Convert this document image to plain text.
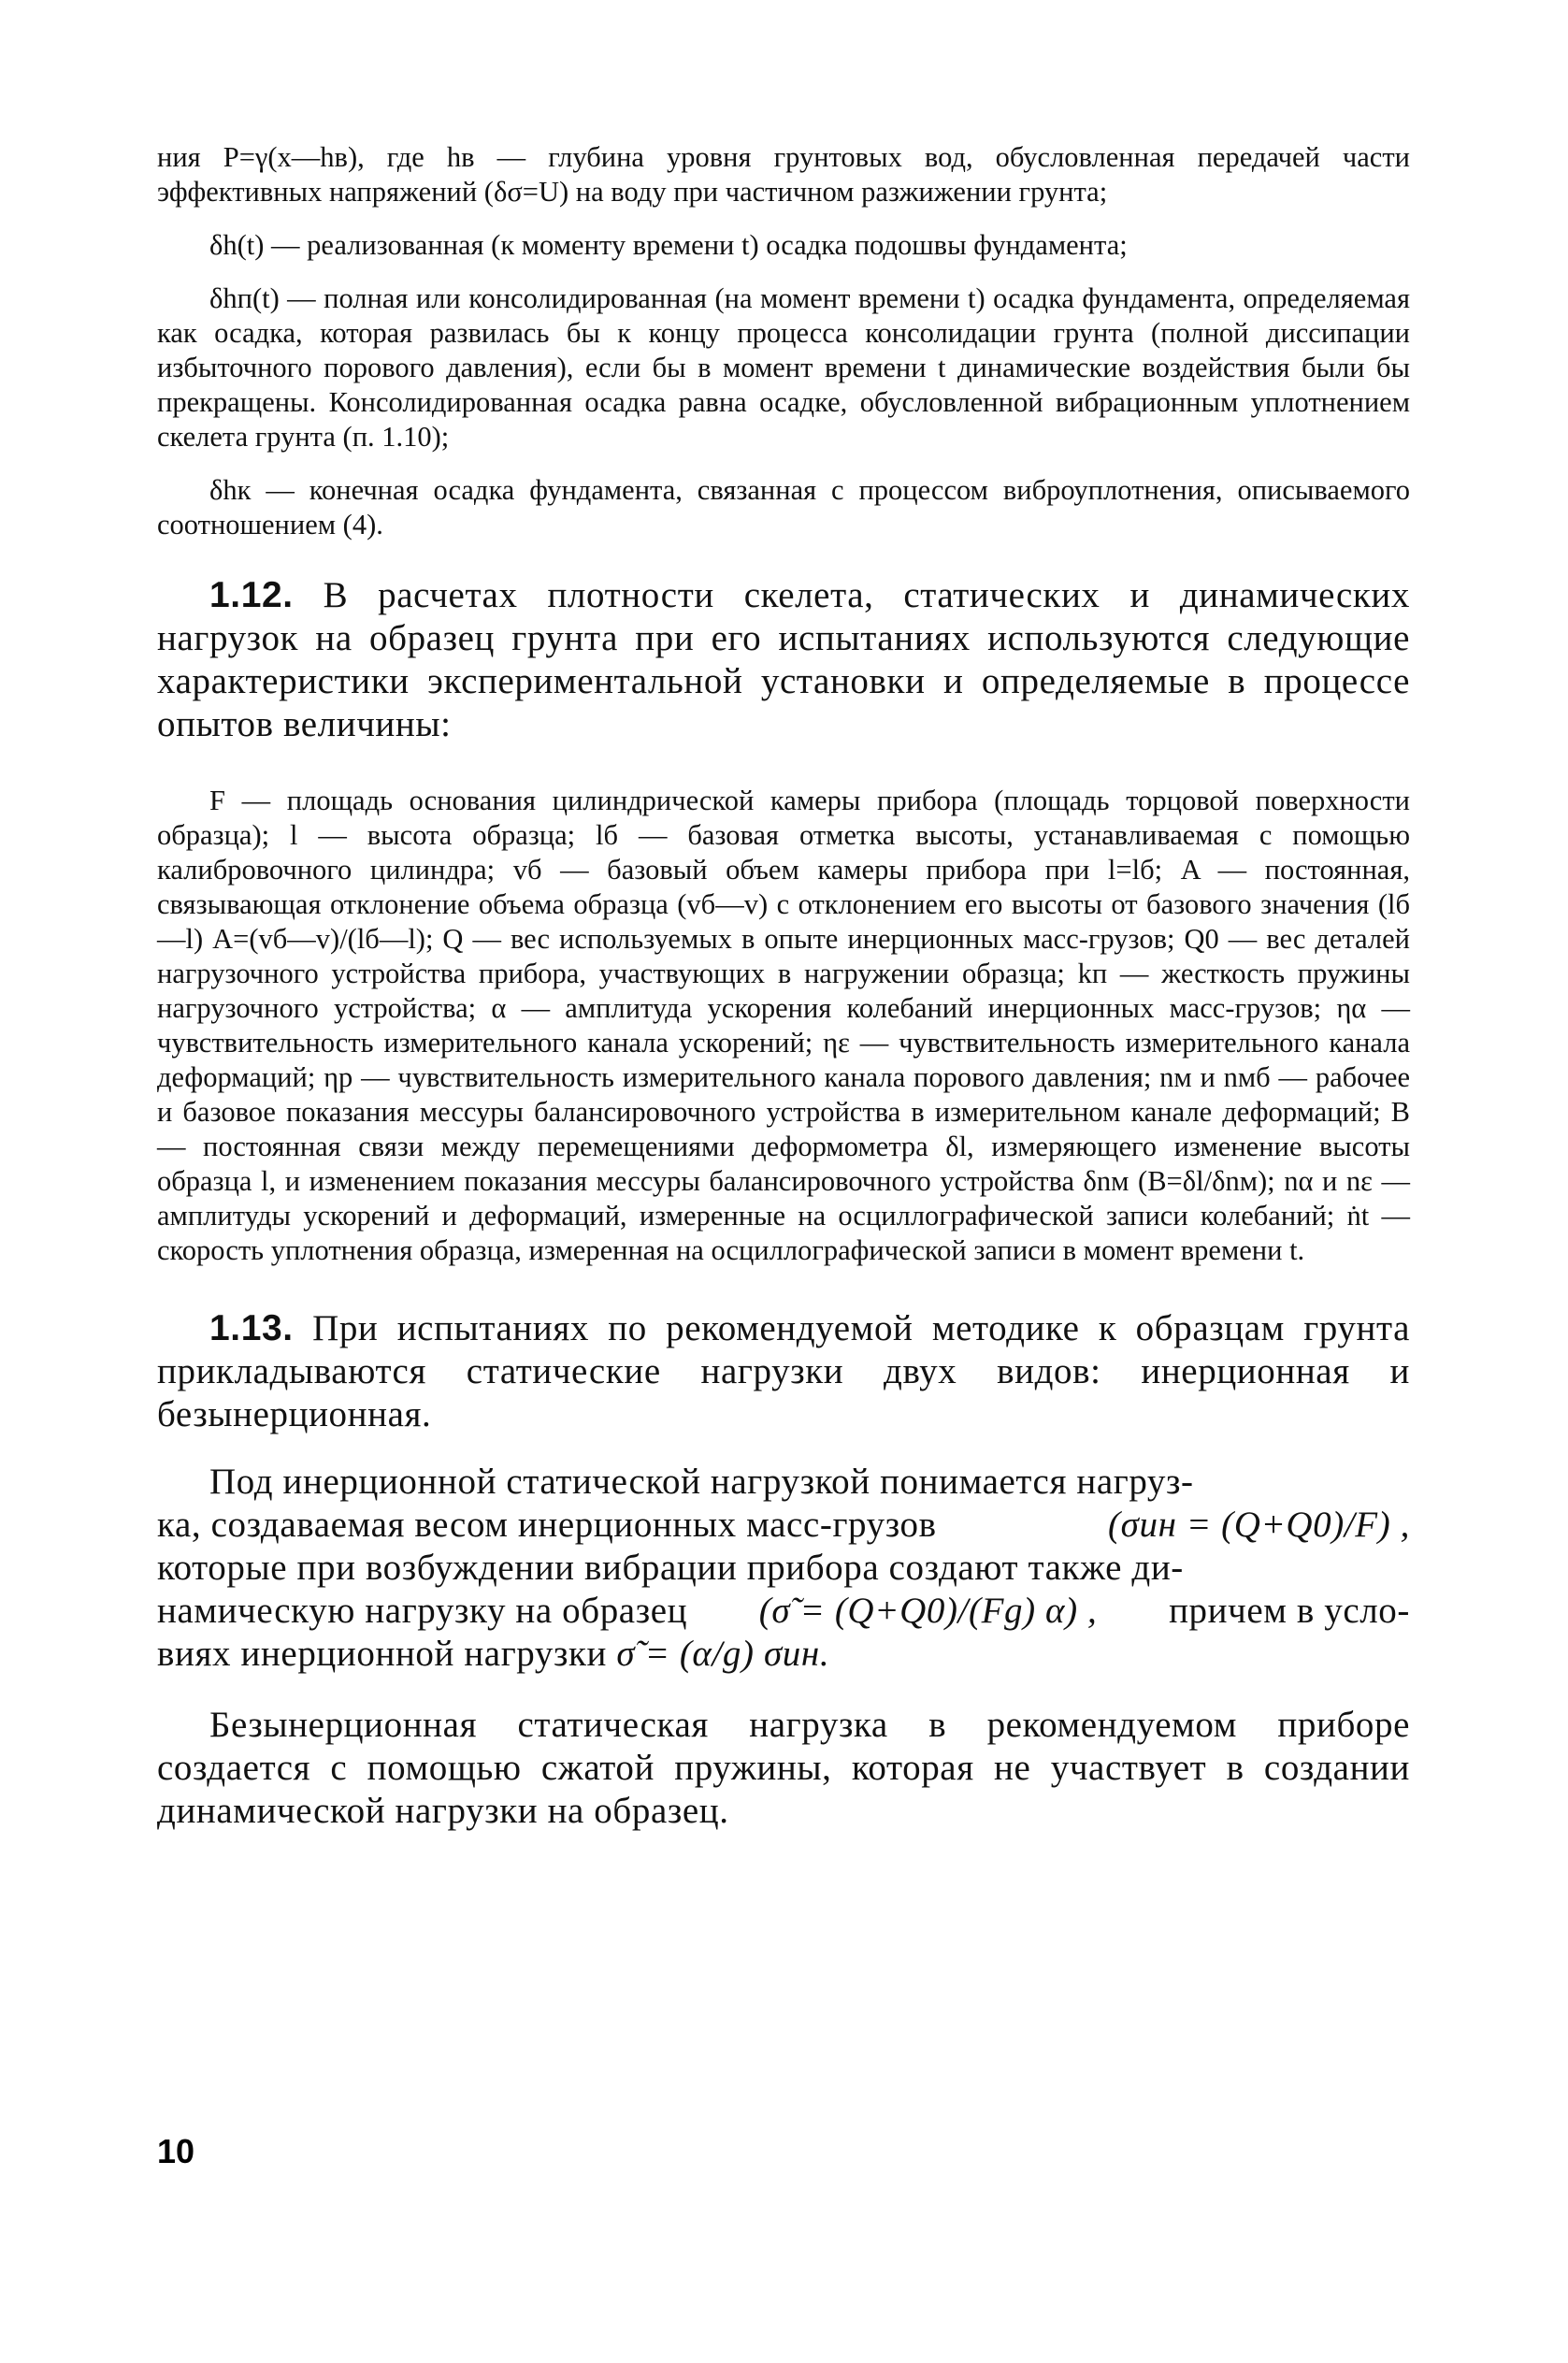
ния P=γ(x—hв), где hв — глубина уровня грунтовых вод, обусловленная передачей части эффективных напряжений (δσ=U) на воду при частичном разжижении грунта;

δh(t) — реализованная (к моменту времени t) осадка подошвы фундамента;

δhп(t) — полная или консолидированная (на момент времени t) осадка фундамента, определяемая как осадка, которая развилась бы к концу процесса консолидации грунта (полной диссипации избыточного порового давления), если бы в момент времени t динамические воздействия были бы прекращены. Консолидированная осадка равна осадке, обусловленной вибрационным уплотнением скелета грунта (п. 1.10);

δhк — конечная осадка фундамента, связанная с процессом виброуплотнения, описываемого соотношением (4).

1.12. В расчетах плотности скелета, статических и динамических нагрузок на образец грунта при его испытаниях используются следующие характеристики экспериментальной установки и определяемые в процессе опытов величины:

F — площадь основания цилиндрической камеры прибора (площадь торцовой поверхности образца); l — высота образца; lб — базовая отметка высоты, устанавливаемая с помощью калибровочного цилиндра; vб — базовый объем камеры прибора при l=lб; A — постоянная, связывающая отклонение объема образца (vб—v) с отклонением его высоты от базового значения (lб—l) A=(vб—v)/(lб—l); Q — вес используемых в опыте инерционных масс-грузов; Q0 — вес деталей нагрузочного устройства прибора, участвующих в нагружении образца; kп — жесткость пружины нагрузочного устройства; α — амплитуда ускорения колебаний инерционных масс-грузов; ηα — чувствительность измерительного канала ускорений; ηε — чувствительность измерительного канала деформаций; ηp — чувствительность измерительного канала порового давления; nм и nмб — рабочее и базовое показания мессуры балансировочного устройства в измерительном канале деформаций; B — постоянная связи между перемещениями деформометра δl, измеряющего изменение высоты образца l, и изменением показания мессуры балансировочного устройства δnм (B=δl/δnм); nα и nε — амплитуды ускорений и деформаций, измеренные на осциллографической записи колебаний; ṅt — скорость уплотнения образца, измеренная на осциллографической записи в момент времени t.

1.13. При испытаниях по рекомендуемой методике к образцам грунта прикладываются статические нагрузки двух видов: инерционная и безынерционная.

Под инерционной статической нагрузкой понимается нагруз-
ка, создаваемая весом инерционных масс-грузов	(σин = (Q+Q0)/F) ,
которые при возбуждении вибрации прибора создают также ди-
намическую нагрузку на образец (σ̃ = (Q+Q0)/(Fg) α) , причем в усло-
виях инерционной нагрузки σ̃ = (α/g) σин.

Безынерционная статическая нагрузка в рекомендуемом приборе создается с помощью сжатой пружины, которая не участвует в создании динамической нагрузки на образец.

10
